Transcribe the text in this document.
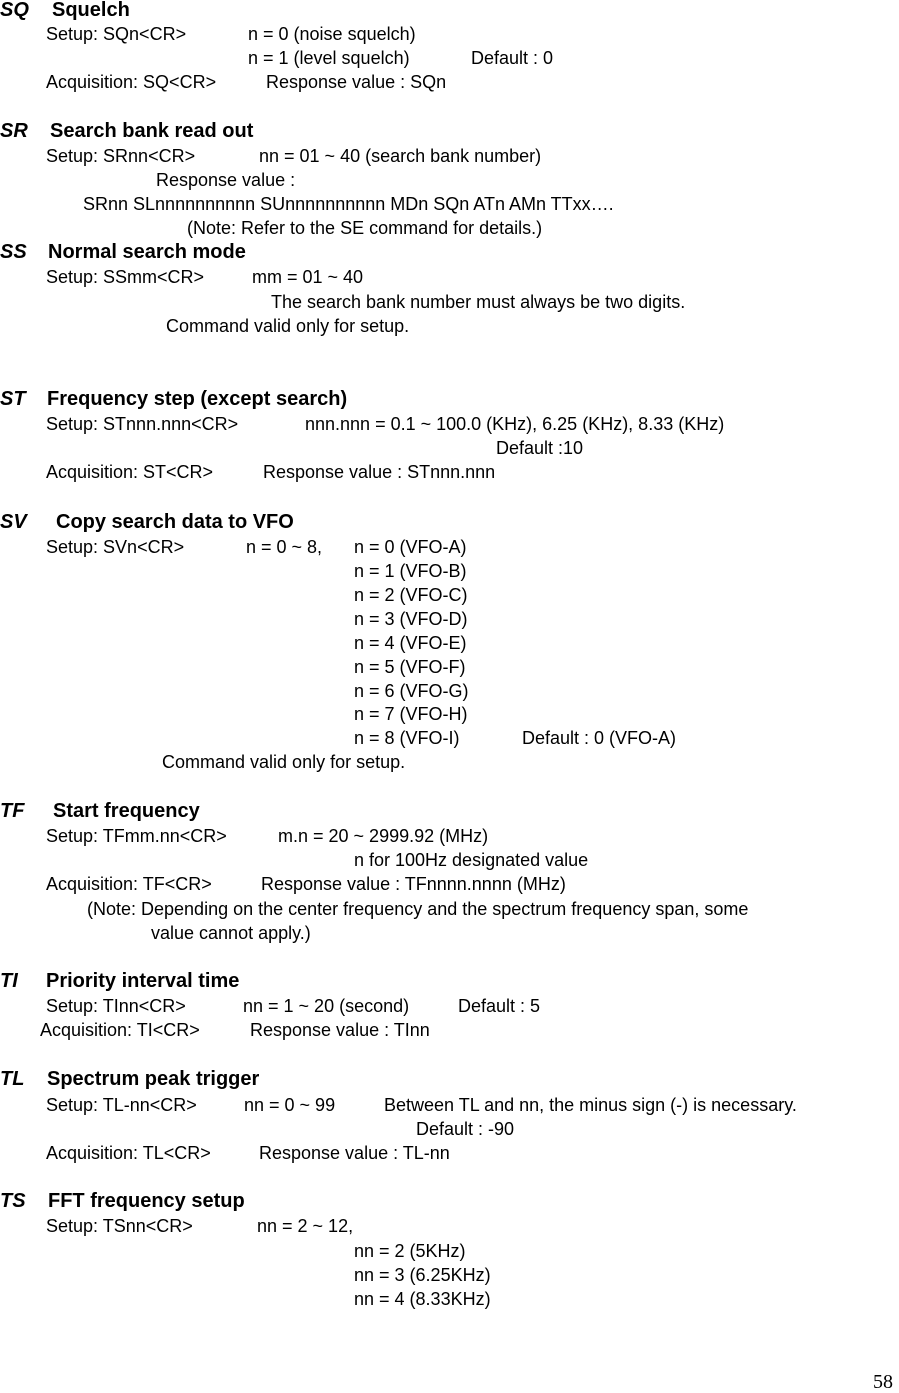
SQ Squelch
Setup: SQn<CR>	n = 0 (noise squelch)
n = 1 (level squelch)	Default : 0
Acquisition: SQ<CR>	Response value : SQn
SR Search bank read out
Setup: SRnn<CR>	nn = 01 ~ 40 (search bank number)
Response value :
SRnn SLnnnnnnnnnn SUnnnnnnnnnn MDn SQn ATn AMn TTxx….
(Note: Refer to the SE command for details.)
SS Normal search mode
Setup: SSmm<CR>	mm = 01 ~ 40
The search bank number must always be two digits.
Command valid only for setup.
ST Frequency step (except search)
Setup: STnnn.nnn<CR>	nnn.nnn = 0.1 ~ 100.0 (KHz), 6.25 (KHz), 8.33 (KHz)
Default :10
Acquisition: ST<CR>	Response value : STnnn.nnn
SV Copy search data to VFO
Setup: SVn<CR>	n = 0 ~ 8, n = 0 (VFO-A)
n = 1 (VFO-B)
n = 2 (VFO-C)
n = 3 (VFO-D)
n = 4 (VFO-E)
n = 5 (VFO-F)
n = 6 (VFO-G)
n = 7 (VFO-H)
n = 8 (VFO-I)	Default : 0 (VFO-A)
Command valid only for setup.
TF Start frequency
Setup: TFmm.nn<CR>	m.n = 20 ~ 2999.92 (MHz)
n for 100Hz designated value
Acquisition: TF<CR>	Response value : TFnnnn.nnnn (MHz)
(Note: Depending on the center frequency and the spectrum frequency span, some
value cannot apply.)
TI Priority interval time
Setup: TInn<CR>	nn = 1 ~ 20 (second)	Default : 5
Acquisition: TI<CR>	Response value : TInn
TL Spectrum peak trigger
Setup: TL-nn<CR>	nn = 0 ~ 99	Between TL and nn, the minus sign (-) is necessary.
Default : -90
Acquisition: TL<CR>	Response value : TL-nn
TS FFT frequency setup
Setup: TSnn<CR>	nn = 2 ~ 12,
nn = 2 (5KHz)
nn = 3 (6.25KHz)
nn = 4 (8.33KHz)
58
